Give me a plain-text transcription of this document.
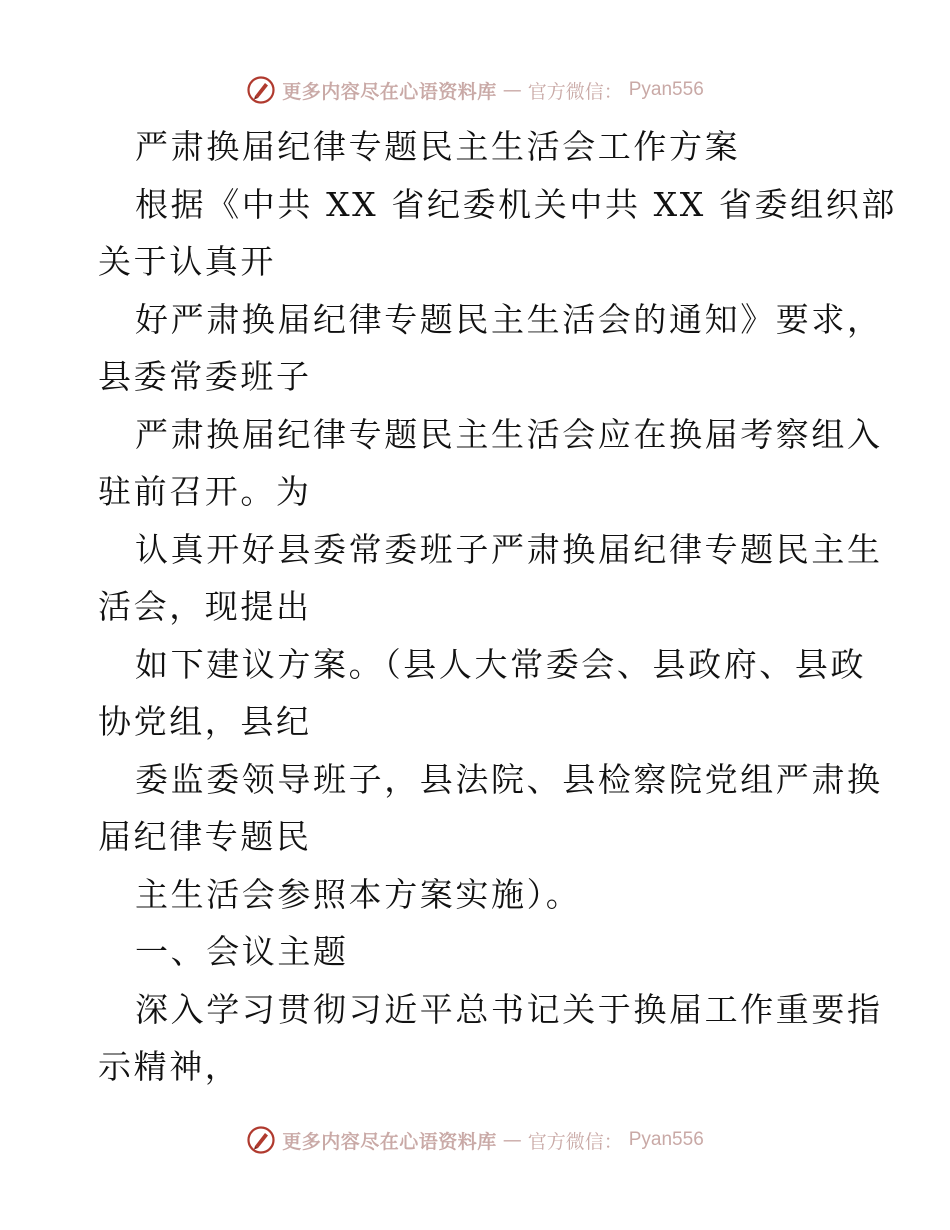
更多内容尽在心语资料库 — 官方微信： Pyan556
严肃换届纪律专题民主生活会工作方案
根据《中共 XX 省纪委机关中共 XX 省委组织部
关于认真开
好严肃换届纪律专题民主生活会的通知》要求，
县委常委班子
严肃换届纪律专题民主生活会应在换届考察组入
驻前召开。为
认真开好县委常委班子严肃换届纪律专题民主生
活会，现提出
如下建议方案。（县人大常委会、县政府、县政
协党组，县纪
委监委领导班子，县法院、县检察院党组严肃换
届纪律专题民
主生活会参照本方案实施）。
一、会议主题
深入学习贯彻习近平总书记关于换届工作重要指
示精神，
更多内容尽在心语资料库 — 官方微信： Pyan556
